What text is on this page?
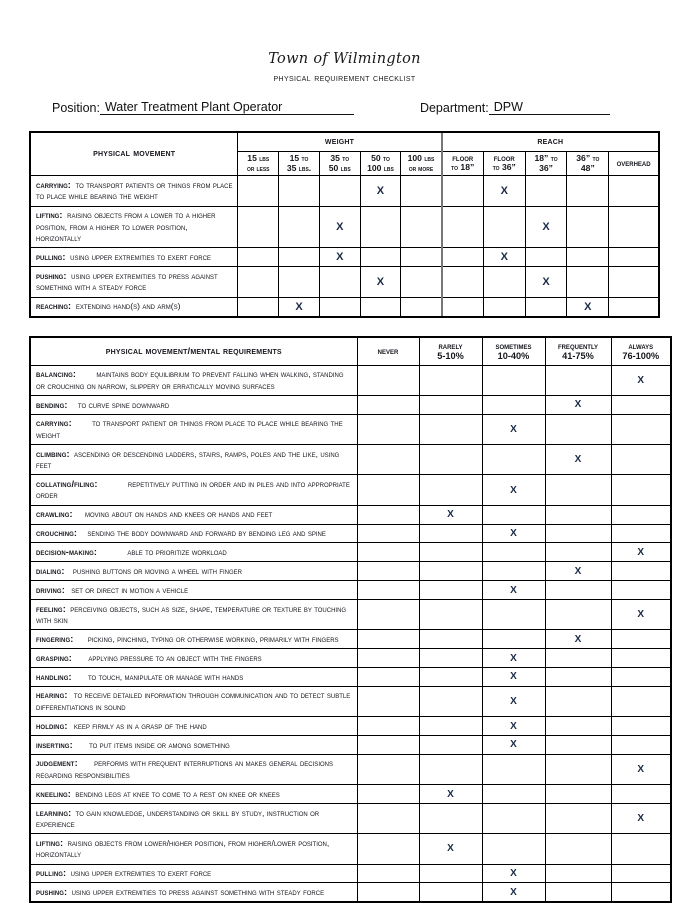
Town of Wilmington
physical requirement checklist
Position: Water Treatment Plant Operator	Department: DPW
physical movement	weight					reach				

15 lbs
or less

15 to
35 lbs.

35 to
50 lbs

50 to
100 lbs

100 lbs
or more

floor
to 18”

floor
to 36”

18” to
36”

36” to
48”	overhead

carrying:  to transport patients or things from place to place while bearing the weight				X			X			
lifting:  raising objects from a lower to a higher position, from a higher to lower position, horizontally			X					X		
pulling:  using upper extremities to exert force			X				X			
pushing:  using upper extremities to press against something with a steady force				X				X		
reaching:  extending hand(s) and arm(s)		X							X	
physical movement/mental requirements	never

rarely
5-10%

sometimes
10-40%

frequently
41-75%

always
76-100%

balancing: maintains body equilibrium to prevent falling when walking, standing or crouching on narrow, slippery or erratically moving surfaces					X
bending: to curve spine downward				X	
carrying: to transport patient or things from place to place while bearing the weight			X		
climbing: ascending or descending ladders, stairs, ramps, poles and the like, using feet				X	
collating/filing: repetitively putting in order and in piles and into appropriate order			X		
crawling: moving about on hands and knees or hands and feet		X			
crouching: sending the body downward and forward by bending leg and spine			X		
decision-making: able to prioritize workload					X
dialing: pushing buttons or moving a wheel with finger				X	
driving: set or direct in motion a vehicle			X		
feeling: perceiving objects, such as size, shape, temperature or texture by touching with skin					X
fingering: picking, pinching, typing or otherwise working, primarily with fingers				X	
grasping: applying pressure to an object with the fingers			X		
handling: to touch, manipulate or manage with hands			X		
hearing: to receive detailed information through communication and to detect subtle differentiations in sound			X		
holding: keep firmly as in a grasp of the hand			X		
inserting: to put items inside or among something			X		
judgement: performs with frequent interruptions an makes general decisions regarding responsibilities					X
kneeling: bending legs at knee to come to a rest on knee or knees		X			
learning: to gain knowledge, understanding or skill by study, instruction or experience					X
lifting: raising objects from lower/higher position, from higher/lower position, horizontally		X			
pulling: using upper extremities to exert force			X		
pushing: using upper extremities to press against something with steady force			X		
